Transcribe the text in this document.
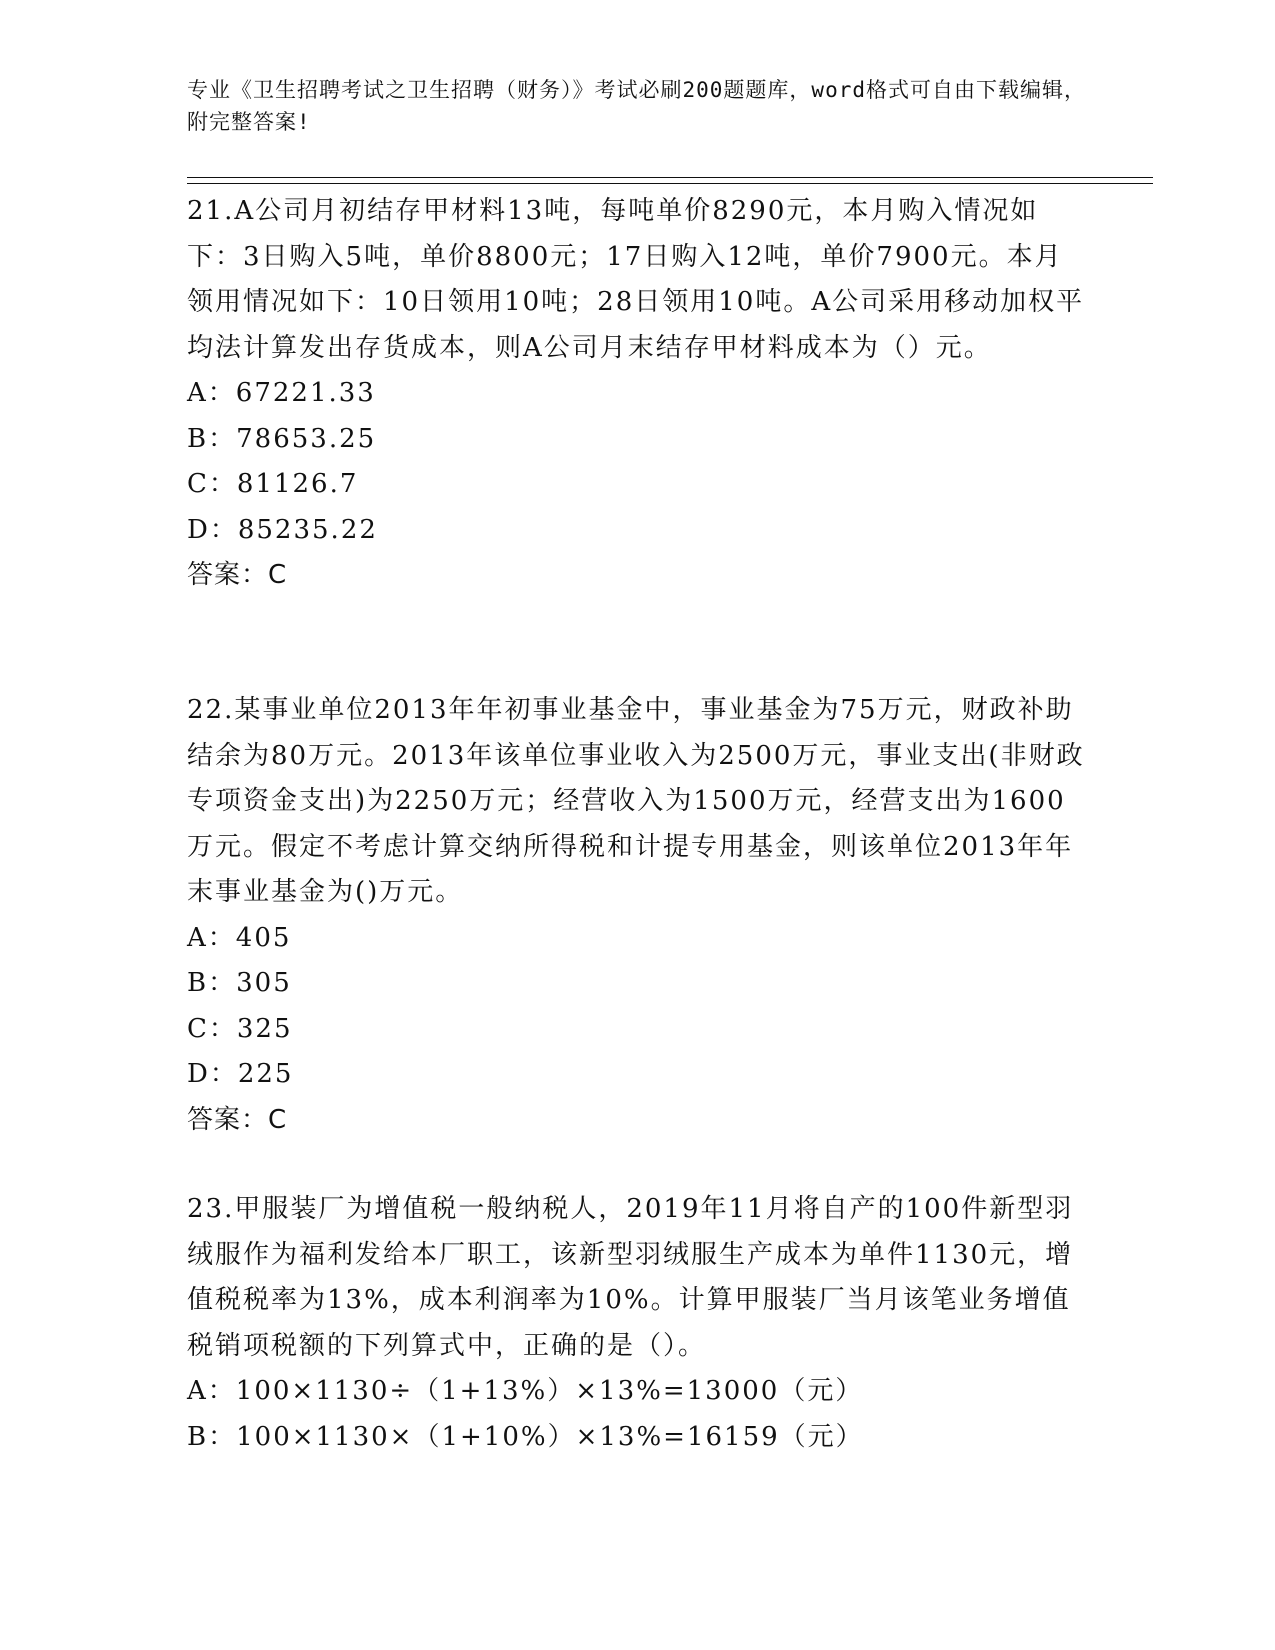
专业《卫生招聘考试之卫生招聘（财务）》考试必刷200题题库，word格式可自由下载编辑，附完整答案!

21.A公司月初结存甲材料13吨，每吨单价8290元，本月购入情况如下：3日购入5吨，单价8800元；17日购入12吨，单价7900元。本月领用情况如下：10日领用10吨；28日领用10吨。A公司采用移动加权平均法计算发出存货成本，则A公司月末结存甲材料成本为（）元。

A：67221.33

B：78653.25

C：81126.7

D：85235.22

答案：C

22.某事业单位2013年年初事业基金中，事业基金为75万元，财政补助结余为80万元。2013年该单位事业收入为2500万元，事业支出(非财政专项资金支出)为2250万元；经营收入为1500万元，经营支出为1600万元。假定不考虑计算交纳所得税和计提专用基金，则该单位2013年年末事业基金为()万元。

A：405

B：305

C：325

D：225

答案：C

23.甲服装厂为增值税一般纳税人，2019年11月将自产的100件新型羽绒服作为福利发给本厂职工，该新型羽绒服生产成本为单件1130元，增值税税率为13%，成本利润率为10%。计算甲服装厂当月该笔业务增值税销项税额的下列算式中，正确的是（）。

A：100×1130÷（1+13%）×13%=13000（元）

B：100×1130×（1+10%）×13%=16159（元）
